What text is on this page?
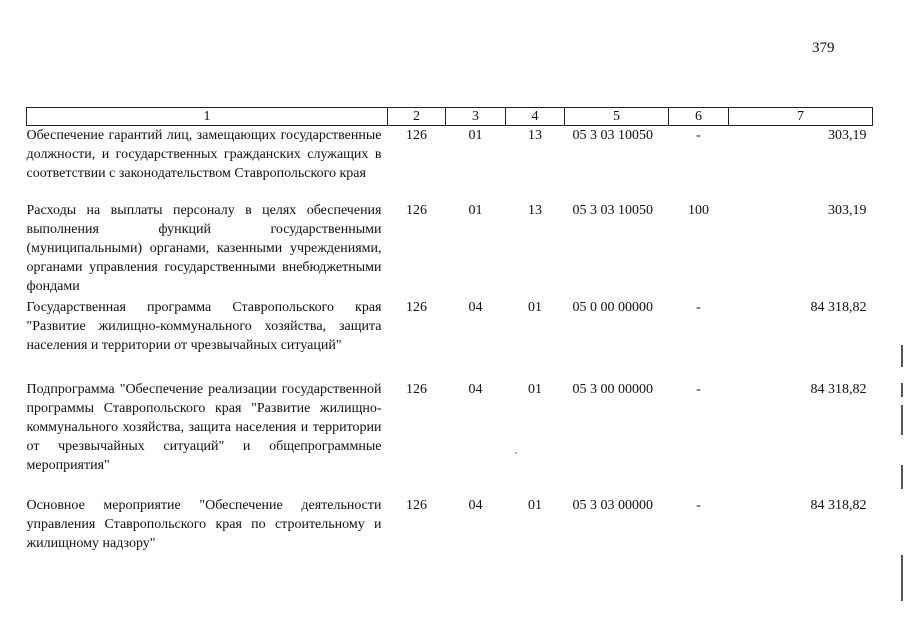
379
1	2	3	4	5	6	7
Обеспечение гарантий лиц, замещающих государственные должности, и государственных гражданских служащих в соответствии с законодательством Ставропольского края	126	01	13	05 3 03 10050	-	303,19
Расходы на выплаты персоналу в целях обеспечения выполнения функций государственными (муниципальными) органами, казенными учреждениями, органами управления государственными внебюджетными фондами	126	01	13	05 3 03 10050	100	303,19
Государственная программа Ставропольского края "Развитие жилищно-коммунального хозяйства, защита населения и территории от чрезвычайных ситуаций"	126	04	01	05 0 00 00000	-	84 318,82
Подпрограмма "Обеспечение реализации государственной программы Ставропольского края "Развитие жилищно-коммунального хозяйства, защита населения и территории от чрезвычайных ситуаций" и общепрограммные мероприятия"	126	04	01	05 3 00 00000	-	84 318,82
Основное мероприятие "Обеспечение деятельности управления Ставропольского края по строительному и жилищному надзору"	126	04	01	05 3 03 00000	-	84 318,82
